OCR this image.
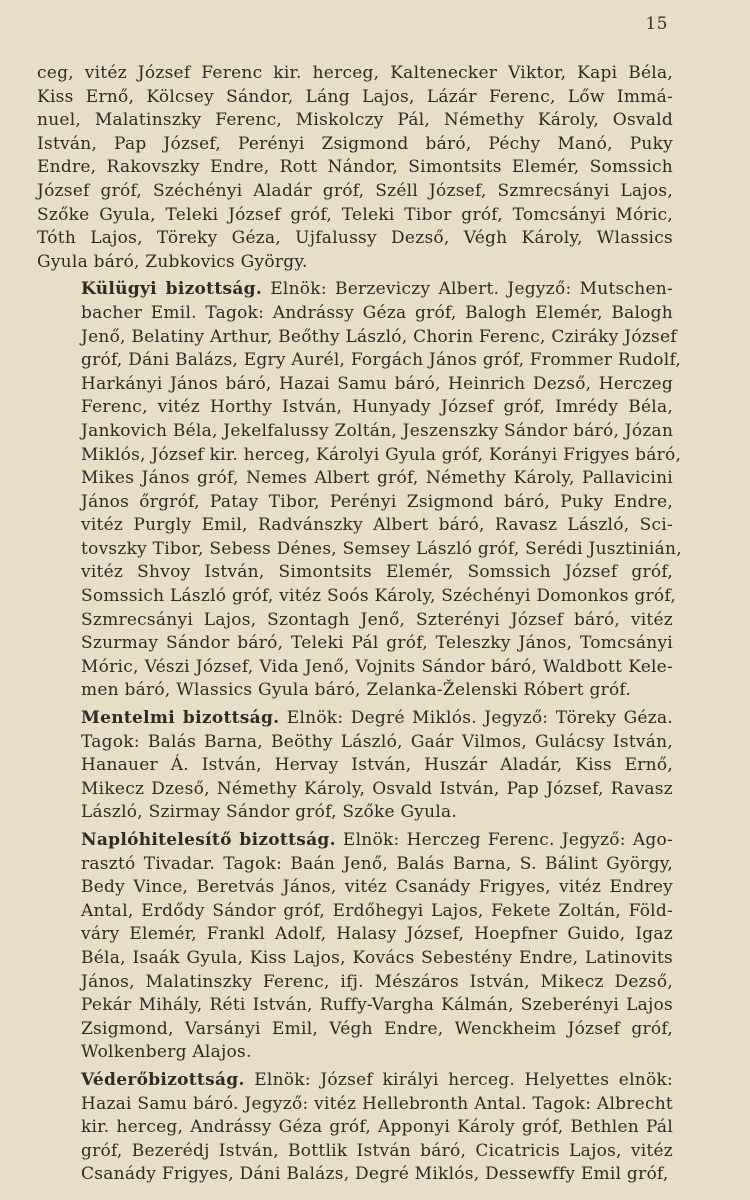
15
ceg, vitéz József Ferenc kir. herceg, Kaltenecker Viktor, Kapi Béla,
Kiss Ernő, Kölcsey Sándor, Láng Lajos, Lázár Ferenc, Lőw Immá-
nuel, Malatinszky Ferenc, Miskolczy Pál, Némethy Károly, Osvald
István, Pap József, Perényi Zsigmond báró, Péchy Manó, Puky
Endre, Rakovszky Endre, Rott Nándor, Simontsits Elemér, Somssich
József gróf, Széchényi Aladár gróf, Széll József, Szmrecsányi Lajos,
Szőke Gyula, Teleki József gróf, Teleki Tibor gróf, Tomcsányi Móric,
Tóth Lajos, Töreky Géza, Ujfalussy Dezső, Végh Károly, Wlassics
Gyula báró, Zubkovics György.
Külügyi bizottság. Elnök: Berzeviczy Albert. Jegyző: Mutschen-
bacher Emil. Tagok: Andrássy Géza gróf, Balogh Elemér, Balogh
Jenő, Belatiny Arthur, Beőthy László, Chorin Ferenc, Cziráky József
gróf, Dáni Balázs, Egry Aurél, Forgách János gróf, Frommer Rudolf,
Harkányi János báró, Hazai Samu báró, Heinrich Dezső, Herczeg
Ferenc, vitéz Horthy István, Hunyady József gróf, Imrédy Béla,
Jankovich Béla, Jekelfalussy Zoltán, Jeszenszky Sándor báró, Józan
Miklós, József kir. herceg, Károlyi Gyula gróf, Korányi Frigyes báró,
Mikes János gróf, Nemes Albert gróf, Némethy Károly, Pallavicini
János őrgróf, Patay Tibor, Perényi Zsigmond báró, Puky Endre,
vitéz Purgly Emil, Radvánszky Albert báró, Ravasz László, Sci-
tovszky Tibor, Sebess Dénes, Semsey László gróf, Serédi Jusztinián,
vitéz Shvoy István, Simontsits Elemér, Somssich József gróf,
Somssich László gróf, vitéz Soós Károly, Széchényi Domonkos gróf,
Szmrecsányi Lajos, Szontagh Jenő, Szterényi József báró, vitéz
Szurmay Sándor báró, Teleki Pál gróf, Teleszky János, Tomcsányi
Móric, Vészi József, Vida Jenő, Vojnits Sándor báró, Waldbott Kele-
men báró, Wlassics Gyula báró, Zelanka-Želenski Róbert gróf.
Mentelmi bizottság. Elnök: Degré Miklós. Jegyző: Töreky Géza.
Tagok: Balás Barna, Beöthy László, Gaár Vilmos, Gulácsy István,
Hanauer Á. István, Hervay István, Huszár Aladár, Kiss Ernő,
Mikecz Dzeső, Némethy Károly, Osvald István, Pap József, Ravasz
László, Szirmay Sándor gróf, Szőke Gyula.
Naplóhitelesítő bizottság. Elnök: Herczeg Ferenc. Jegyző: Ago-
rasztó Tivadar. Tagok: Baán Jenő, Balás Barna, S. Bálint György,
Bedy Vince, Beretvás János, vitéz Csanády Frigyes, vitéz Endrey
Antal, Erdődy Sándor gróf, Erdőhegyi Lajos, Fekete Zoltán, Föld-
váry Elemér, Frankl Adolf, Halasy József, Hoepfner Guido, Igaz
Béla, Isaák Gyula, Kiss Lajos, Kovács Sebestény Endre, Latinovits
János, Malatinszky Ferenc, ifj. Mészáros István, Mikecz Dezső,
Pekár Mihály, Réti István, Ruffy-Vargha Kálmán, Szeberényi Lajos
Zsigmond, Varsányi Emil, Végh Endre, Wenckheim József gróf,
Wolkenberg Alajos.
Véderőbizottság. Elnök: József királyi herceg. Helyettes elnök:
Hazai Samu báró. Jegyző: vitéz Hellebronth Antal. Tagok: Albrecht
kir. herceg, Andrássy Géza gróf, Apponyi Károly gróf, Bethlen Pál
gróf, Bezerédj István, Bottlik István báró, Cicatricis Lajos, vitéz
Csanády Frigyes, Dáni Balázs, Degré Miklós, Dessewffy Emil gróf,
